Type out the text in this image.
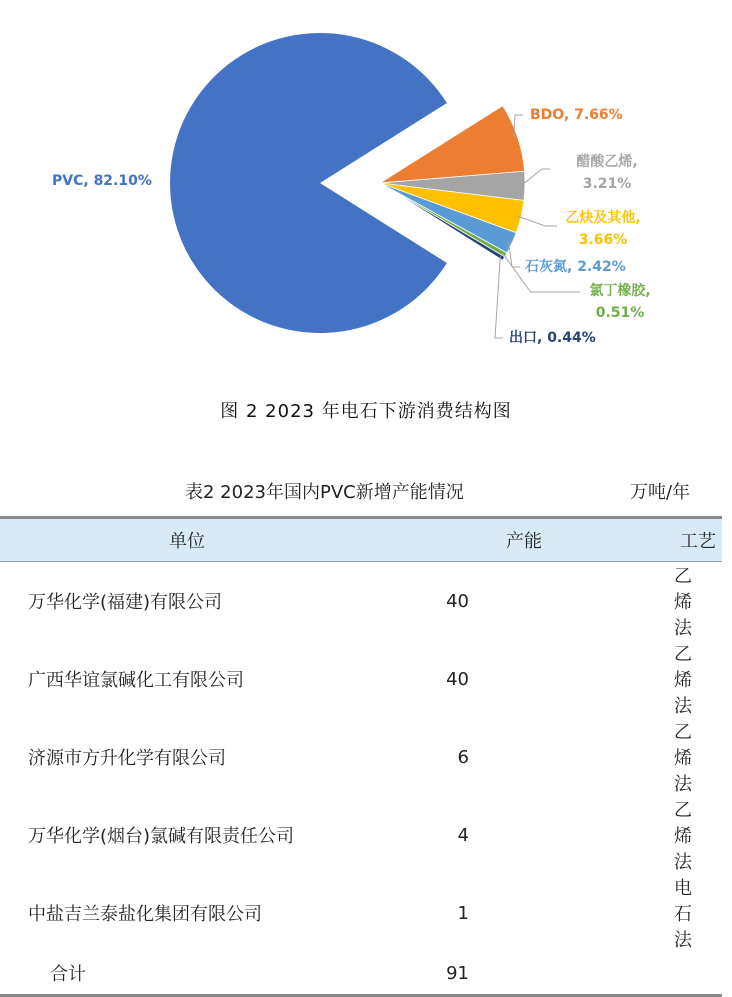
PVC, 82.10%
BDO, 7.66%
醋酸乙烯, 3.21%
乙炔及其他, 3.66%
石灰氮, 2.42%
氯丁橡胶, 0.51%
出口, 0.44%
图 2 2023 年电石下游消费结构图
表2 2023年国内PVC新增产能情况	万吨/年
单位	产能	工艺
万华化学(福建)有限公司	40	乙烯法
广西华谊氯碱化工有限公司	40	乙烯法
济源市方升化学有限公司	6	乙烯法
万华化学(烟台)氯碱有限责任公司	4	乙烯法
中盐吉兰泰盐化集团有限公司	1	电石法
合计	91	
